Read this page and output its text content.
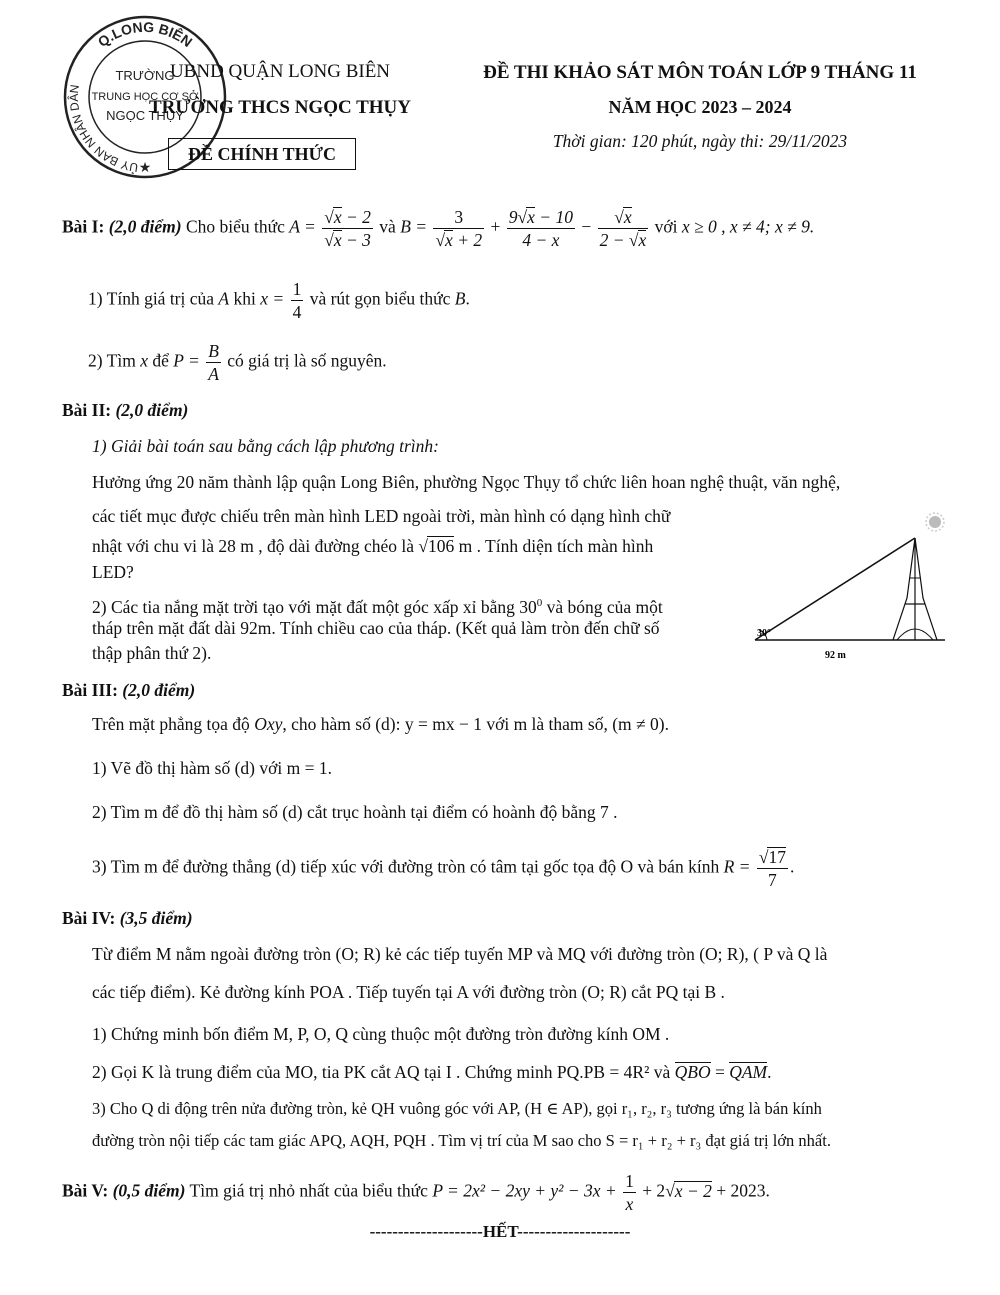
Q.LONG BIÊN
ỦY BAN NHÂN DÂN
TRƯỜNG
TRUNG HỌC CƠ SỞ
NGỌC THỤY
★
UBND QUẬN LONG BIÊN
TRƯỜNG THCS NGỌC THỤY
ĐỀ CHÍNH THỨC
ĐỀ THI KHẢO SÁT MÔN TOÁN LỚP 9 THÁNG 11
NĂM HỌC 2023 – 2024
Thời gian: 120 phút, ngày thi: 29/11/2023
Bài I: (2,0 điểm) Cho biểu thức $A = \frac{√x - 2}{√x - 3}$ và $B = \frac{3}{√x + 2} + \frac{9√x - 10}{4 - x} - \frac{√x}{2 - √x}$ với x ≥ 0 , x ≠ 4; x ≠ 9.
1) Tính giá trị của A khi $x = \frac{1}{4}$ và rút gọn biểu thức B.
2) Tìm x để $P = \frac{B}{A}$ có giá trị là số nguyên.
Bài II: (2,0 điểm)
1) Giải bài toán sau bằng cách lập phương trình:
Hưởng ứng 20 năm thành lập quận Long Biên, phường Ngọc Thụy tổ chức liên hoan nghệ thuật, văn nghệ,
các tiết mục được chiếu trên màn hình LED ngoài trời, màn hình có dạng hình chữ
nhật với chu vi là 28 m , độ dài đường chéo là √106 m . Tính diện tích màn hình
LED?
2) Các tia nắng mặt trời tạo với mặt đất một góc xấp xỉ bằng $30^0$ và bóng của một
tháp trên mặt đất dài 92m. Tính chiều cao của tháp. (Kết quả làm tròn đến chữ số
thập phân thứ 2).
30°
92 m
Bài III: (2,0 điểm)
Trên mặt phẳng tọa độ Oxy, cho hàm số (d): y = mx − 1 với m là tham số, (m ≠ 0).
1) Vẽ đồ thị hàm số (d) với m = 1.
2) Tìm m để đồ thị hàm số (d) cắt trục hoành tại điểm có hoành độ bằng 7 .
3) Tìm m để đường thẳng (d) tiếp xúc với đường tròn có tâm tại gốc tọa độ O và bán kính $R = \frac{√17}{7}$ .
Bài IV: (3,5 điểm)
Từ điểm M nằm ngoài đường tròn (O; R) kẻ các tiếp tuyến MP và MQ với đường tròn (O; R), ( P và Q là
các tiếp điểm). Kẻ đường kính POA . Tiếp tuyến tại A với đường tròn (O; R) cắt PQ tại B .
1) Chứng minh bốn điểm M, P, O, Q cùng thuộc một đường tròn đường kính OM .
2) Gọi K là trung điểm của MO, tia PK cắt AQ tại I . Chứng minh PQ.PB = 4R² và QBO = QAM.
3) Cho Q di động trên nửa đường tròn, kẻ QH vuông góc với AP, (H ∈ AP), gọi r₁, r₂, r₃ tương ứng là bán kính
đường tròn nội tiếp các tam giác APQ, AQH, PQH . Tìm vị trí của M sao cho S = r₁ + r₂ + r₃ đạt giá trị lớn nhất.
Bài V: (0,5 điểm) Tìm giá trị nhỏ nhất của biểu thức $P = 2x^2 - 2xy + y^2 - 3x + \frac{1}{x} + 2√x - 2 + 2023$.
--------------------HẾT--------------------
